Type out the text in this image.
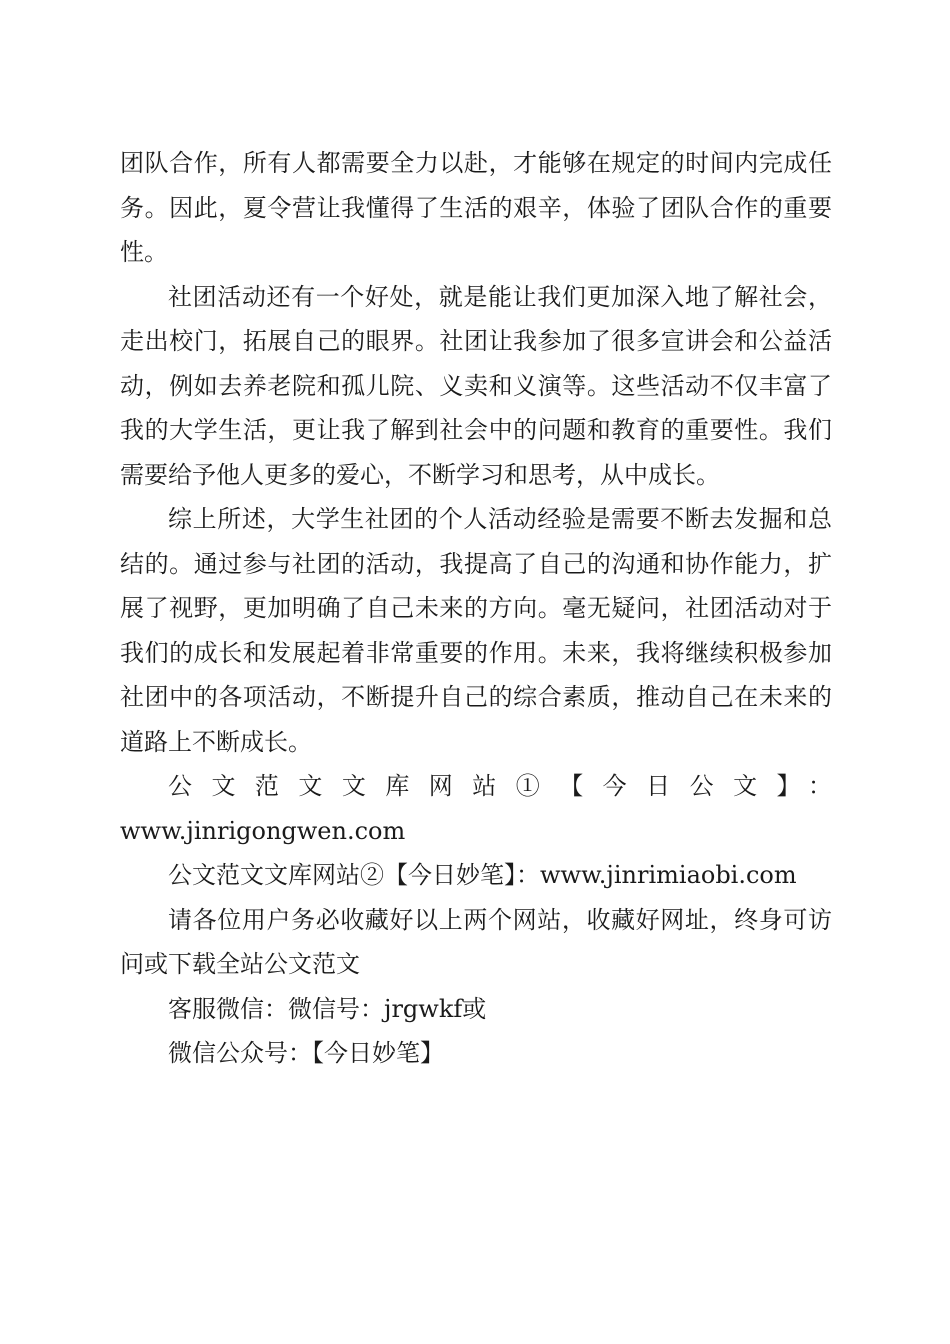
团队合作，所有人都需要全力以赴，才能够在规定的时间内完成任务。因此，夏令营让我懂得了生活的艰辛，体验了团队合作的重要性。

社团活动还有一个好处，就是能让我们更加深入地了解社会，走出校门，拓展自己的眼界。社团让我参加了很多宣讲会和公益活动，例如去养老院和孤儿院、义卖和义演等。这些活动不仅丰富了我的大学生活，更让我了解到社会中的问题和教育的重要性。我们需要给予他人更多的爱心，不断学习和思考，从中成长。

综上所述，大学生社团的个人活动经验是需要不断去发掘和总结的。通过参与社团的活动，我提高了自己的沟通和协作能力，扩展了视野，更加明确了自己未来的方向。毫无疑问，社团活动对于我们的成长和发展起着非常重要的作用。未来，我将继续积极参加社团中的各项活动，不断提升自己的综合素质，推动自己在未来的道路上不断成长。

公文范文文库网站①【今日公文】：

www.jinrigongwen.com

公文范文文库网站②【今日妙笔】：www.jinrimiaobi.com

请各位用户务必收藏好以上两个网站，收藏好网址，终身可访问或下载全站公文范文

客服微信：微信号：jrgwkf或

微信公众号：【今日妙笔】
